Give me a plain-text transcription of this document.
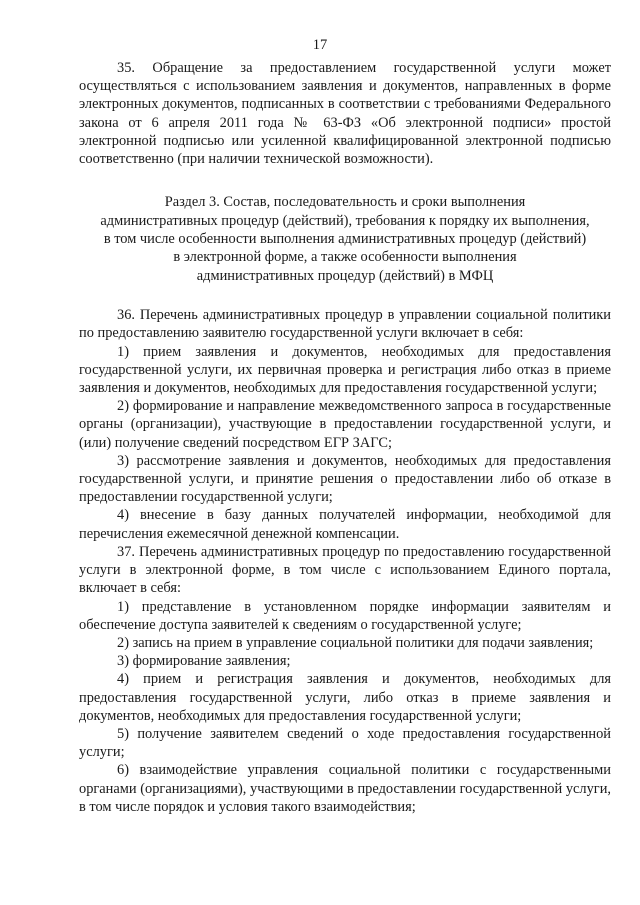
17

35. Обращение за предоставлением государственной услуги может осуществляться с использованием заявления и документов, направленных в форме электронных документов, подписанных в соответствии с требованиями Федерального закона от 6 апреля 2011 года № 63-ФЗ «Об электронной подписи» простой электронной подписью или усиленной квалифицированной электронной подписью соответственно (при наличии технической возможности).

Раздел 3. Состав, последовательность и сроки выполнения
административных процедур (действий), требования к порядку их выполнения,
в том числе особенности выполнения административных процедур (действий)
в электронной форме, а также особенности выполнения
административных процедур (действий) в МФЦ

36. Перечень административных процедур в управлении социальной политики по предоставлению заявителю государственной услуги включает в себя:

1) прием заявления и документов, необходимых для предоставления государственной услуги, их первичная проверка и регистрация либо отказ в приеме заявления и документов, необходимых для предоставления государственной услуги;

2) формирование и направление межведомственного запроса в государственные органы (организации), участвующие в предоставлении государственной услуги, и (или) получение сведений посредством ЕГР ЗАГС;

3) рассмотрение заявления и документов, необходимых для предоставления государственной услуги, и принятие решения о предоставлении либо об отказе в предоставлении государственной услуги;

4) внесение в базу данных получателей информации, необходимой для перечисления ежемесячной денежной компенсации.

37. Перечень административных процедур по предоставлению государственной услуги в электронной форме, в том числе с использованием Единого портала, включает в себя:

1) представление в установленном порядке информации заявителям и обеспечение доступа заявителей к сведениям о государственной услуге;

2) запись на прием в управление социальной политики для подачи заявления;

3) формирование заявления;

4) прием и регистрация заявления и документов, необходимых для предоставления государственной услуги, либо отказ в приеме заявления и документов, необходимых для предоставления государственной услуги;

5) получение заявителем сведений о ходе предоставления государственной услуги;

6) взаимодействие управления социальной политики с государственными органами (организациями), участвующими в предоставлении государственной услуги, в том числе порядок и условия такого взаимодействия;
